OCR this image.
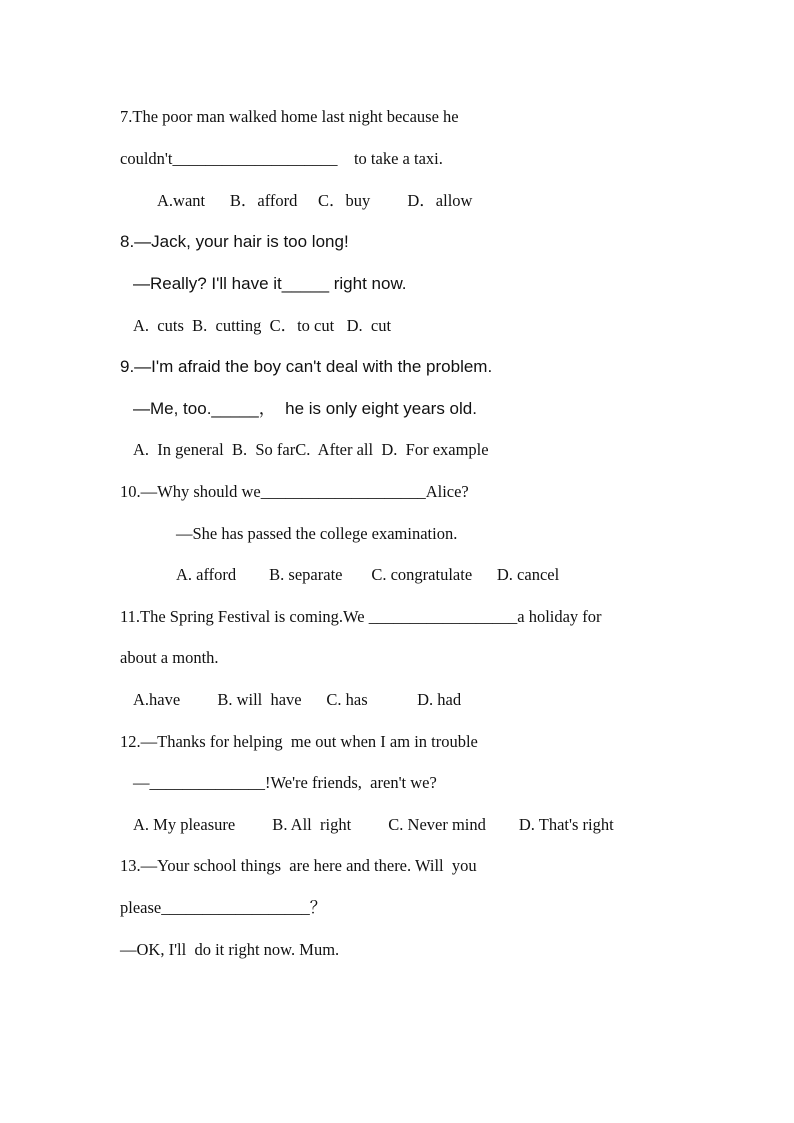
7.The poor man walked home last night because he
couldn't____________________    to take a taxi.
A.want      B．afford     C．buy         D．allow
8.—Jack, your hair is too long!
—Really? I'll have it_____ right now.
A.  cuts  B.  cutting  C．to cut   D.  cut
9.—I'm afraid the boy can't deal with the problem.
—Me, too._____，  he is only eight years old.
A.  In general  B.  So farC.  After all  D.  For example
10.—Why should we____________________Alice?
—She has passed the college examination.
A. afford        B. separate       C. congratulate      D. cancel
11.The Spring Festival is coming.We __________________a holiday for
about a month.
A.have         B. will  have      C. has            D. had
12.—Thanks for helping  me out when I am in trouble
—______________!We're friends,  aren't we?
A. My pleasure         B. All  right         C. Never mind        D. That's right
13.—Your school things  are here and there. Will  you
please__________________？
—OK, I'll  do it right now. Mum.
